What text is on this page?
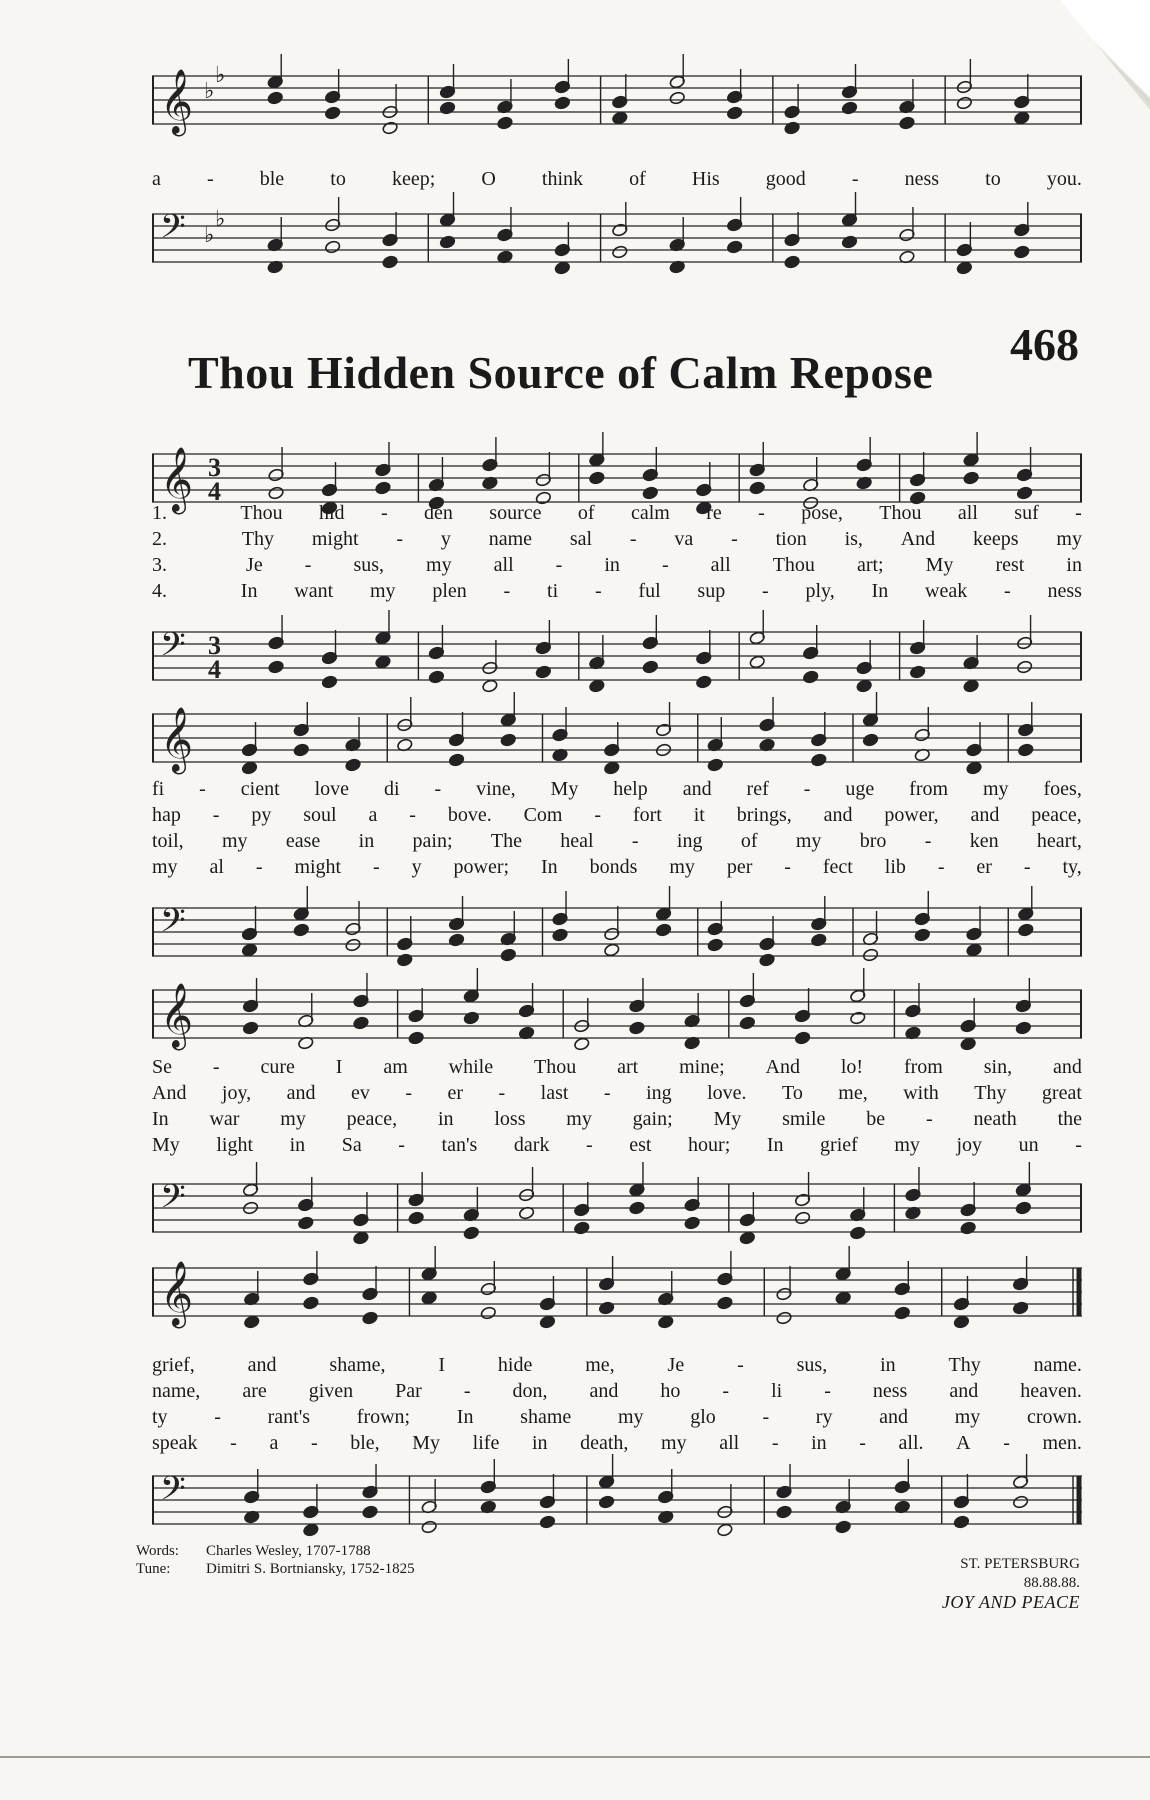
𝄞 ♭
♭
a - ble to keep; O think of His good - ness to you.
𝄢 ♭
♭
468
Thou Hidden Source of Calm Repose
𝄞 3
4
1.	Thou hid - den source of calm re - pose, Thou all suf -
2.	Thy might - y name sal - va - tion is, And keeps my
3.	Je - sus, my all - in - all Thou art; My rest in
4.	In want my plen - ti - ful sup - ply, In weak - ness
𝄢 3
4
𝄞
fi - cient love di - vine, My help and ref - uge from my foes,
hap - py soul a - bove. Com - fort it brings, and power, and peace,
toil, my ease in pain; The heal - ing of my bro - ken heart,
my al - might - y power; In bonds my per - fect lib - er - ty,
𝄢
𝄞
Se - cure I am while Thou art mine; And lo! from sin, and
And joy, and ev - er - last - ing love. To me, with Thy great
In war my peace, in loss my gain; My smile be - neath the
My light in Sa - tan's dark - est hour; In grief my joy un -
𝄢
𝄞
grief,	and	shame,	I	hide	me,	Je	-	sus,	in	Thy	name.
name, are given Par - don, and ho - li - ness and heaven.
ty - rant's frown; In shame my glo - ry and my crown.
speak - a - ble, My life in death, my all - in - all. A - men.
𝄢
Words:	Charles Wesley, 1707-1788
Tune:	Dimitri S. Bortniansky, 1752-1825	ST. PETERSBURG
88.88.88.
JOY AND PEACE
